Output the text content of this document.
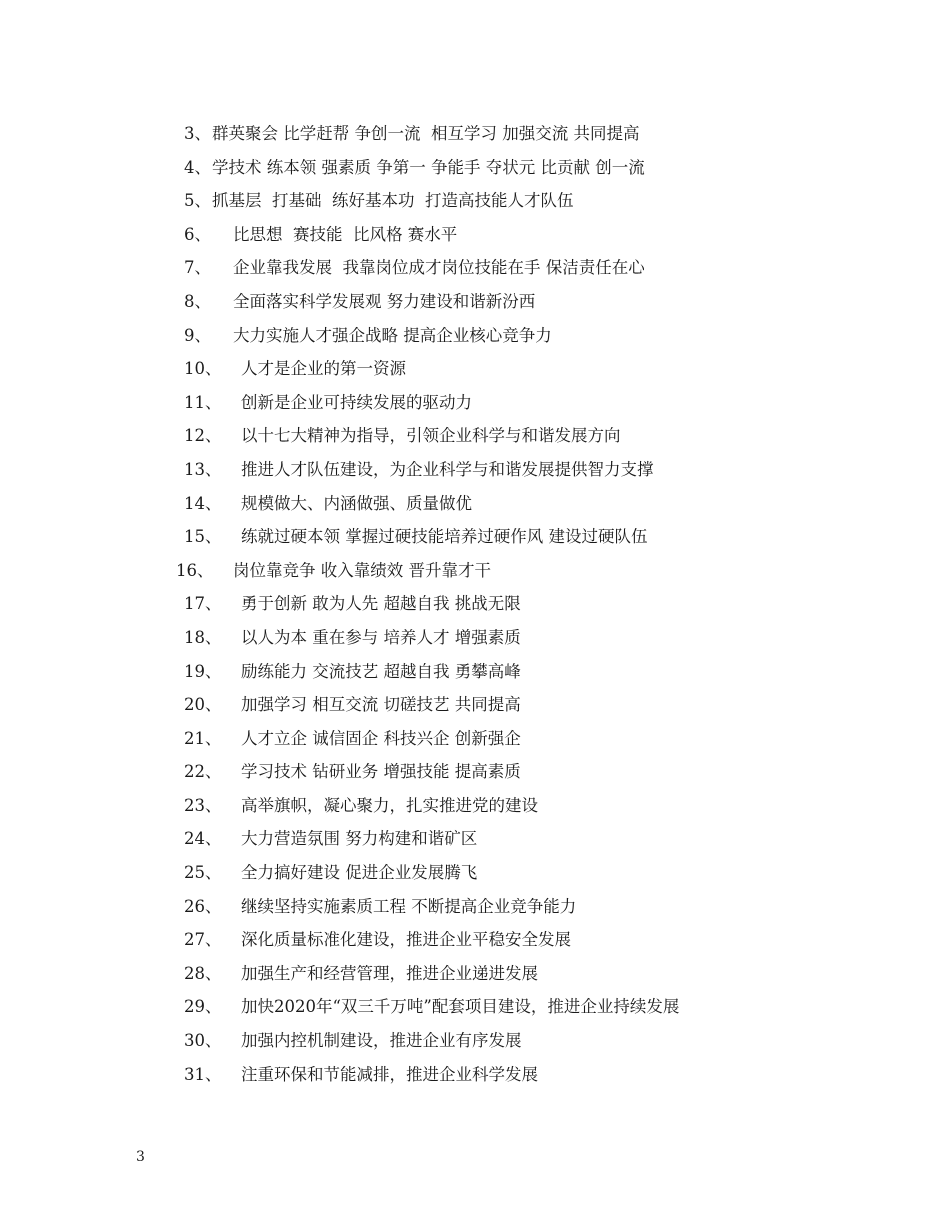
3、 群英聚会 比学赶帮 争创一流  相互学习 加强交流 共同提高
4、 学技术 练本领 强素质 争第一 争能手 夺状元 比贡献 创一流
5、 抓基层  打基础  练好基本功  打造高技能人才队伍
6、 比思想  赛技能  比风格 赛水平
7、 企业靠我发展  我靠岗位成才岗位技能在手 保洁责任在心
8、 全面落实科学发展观 努力建设和谐新汾西
9、 大力实施人才强企战略 提高企业核心竞争力
10、 人才是企业的第一资源
11、 创新是企业可持续发展的驱动力
12、 以十七大精神为指导，引领企业科学与和谐发展方向
13、 推进人才队伍建设，为企业科学与和谐发展提供智力支撑
14、 规模做大、内涵做强、质量做优
15、 练就过硬本领 掌握过硬技能培养过硬作风 建设过硬队伍
16、 岗位靠竞争 收入靠绩效 晋升靠才干
17、 勇于创新 敢为人先 超越自我 挑战无限
18、 以人为本 重在参与 培养人才 增强素质
19、 励练能力 交流技艺 超越自我 勇攀高峰
20、 加强学习 相互交流 切磋技艺 共同提高
21、 人才立企 诚信固企 科技兴企 创新强企
22、 学习技术 钻研业务 增强技能 提高素质
23、 高举旗帜，凝心聚力，扎实推进党的建设
24、 大力营造氛围 努力构建和谐矿区
25、 全力搞好建设 促进企业发展腾飞
26、 继续坚持实施素质工程 不断提高企业竞争能力
27、 深化质量标准化建设，推进企业平稳安全发展
28、 加强生产和经营管理，推进企业递进发展
29、 加快2020年“双三千万吨”配套项目建设，推进企业持续发展
30、 加强内控机制建设，推进企业有序发展
31、 注重环保和节能减排，推进企业科学发展
3
